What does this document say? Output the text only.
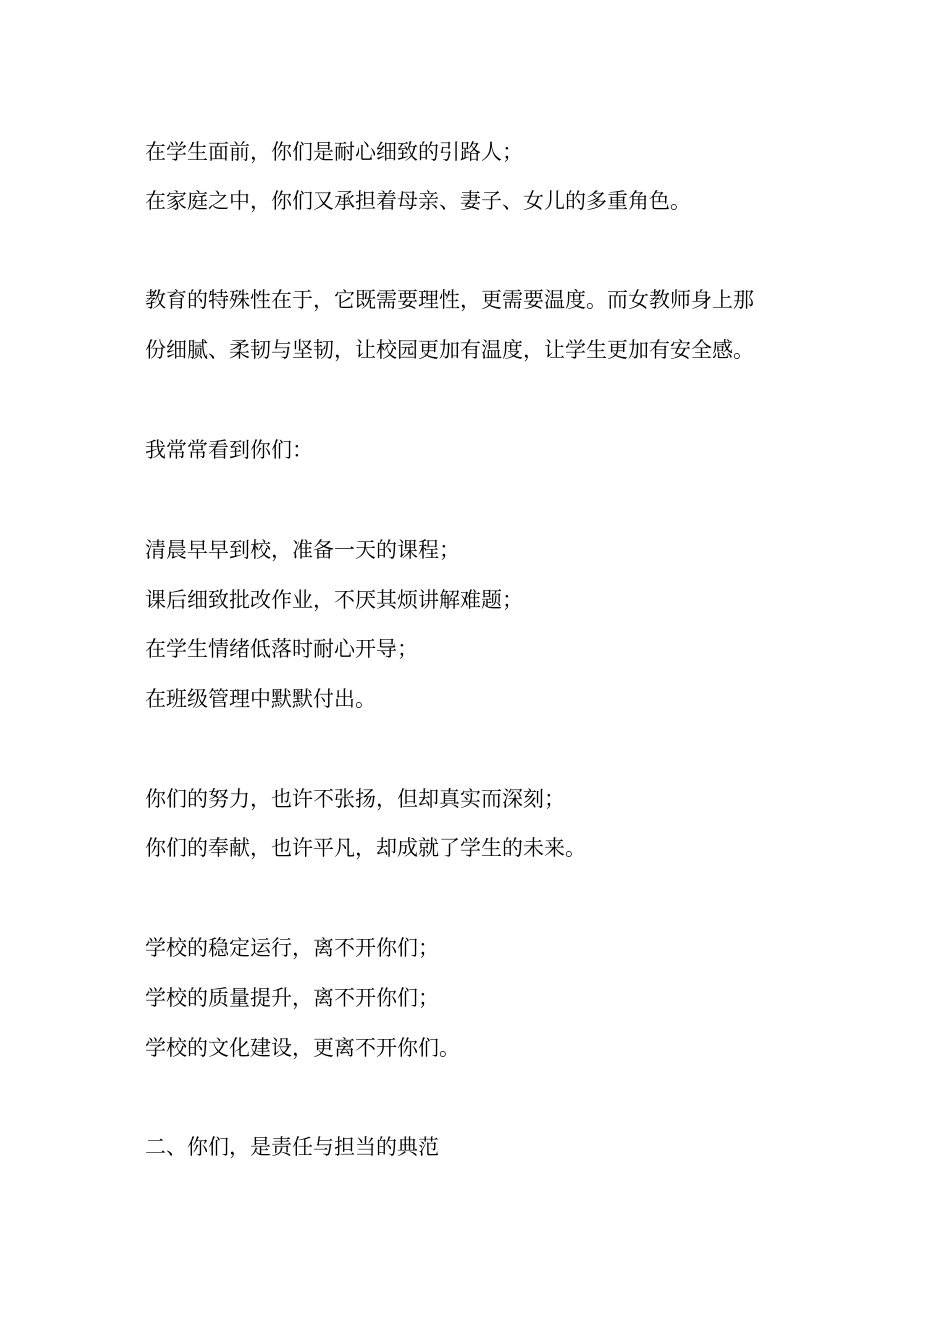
在学生面前，你们是耐心细致的引路人；

在家庭之中，你们又承担着母亲、妻子、女儿的多重角色。

教育的特殊性在于，它既需要理性，更需要温度。而女教师身上那

份细腻、柔韧与坚韧，让校园更加有温度，让学生更加有安全感。

我常常看到你们：

清晨早早到校，准备一天的课程；

课后细致批改作业，不厌其烦讲解难题；

在学生情绪低落时耐心开导；

在班级管理中默默付出。

你们的努力，也许不张扬，但却真实而深刻；

你们的奉献，也许平凡，却成就了学生的未来。

学校的稳定运行，离不开你们；

学校的质量提升，离不开你们；

学校的文化建设，更离不开你们。

二、你们，是责任与担当的典范
